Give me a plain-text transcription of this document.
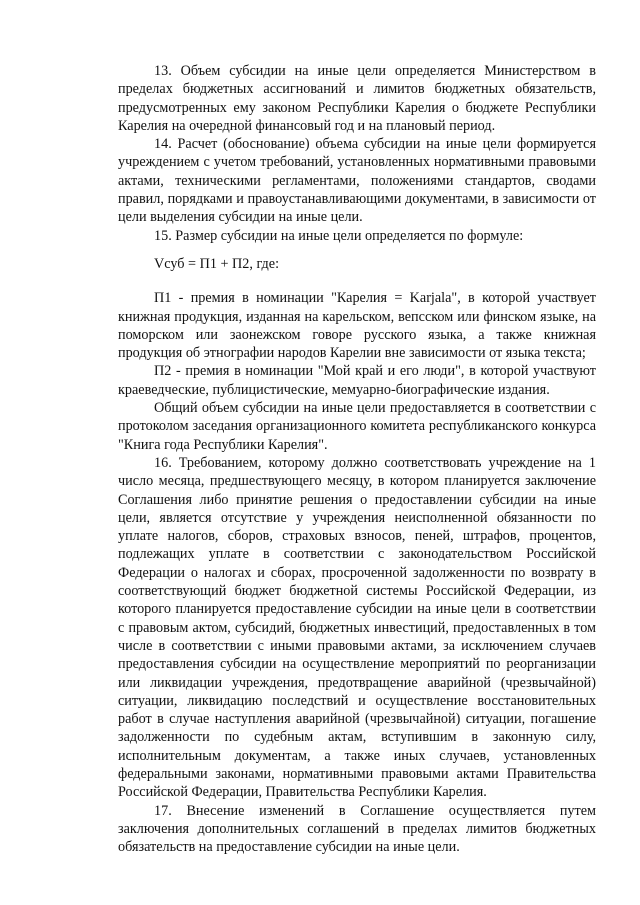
13. Объем субсидии на иные цели определяется Министерством в пределах бюджетных ассигнований и лимитов бюджетных обязательств, предусмотренных ему законом Республики Карелия о бюджете Республики Карелия на очередной финансовый год и на плановый период.

14. Расчет (обоснование) объема субсидии на иные цели формируется учреждением с учетом требований, установленных нормативными правовыми актами, техническими регламентами, положениями стандартов, сводами правил, порядками и правоустанавливающими документами, в зависимости от цели выделения субсидии на иные цели.

15. Размер субсидии на иные цели определяется по формуле:

Vсуб = П1 + П2, где:

П1 - премия в номинации "Карелия = Karjala", в которой участвует книжная продукция, изданная на карельском, вепсском или финском языке, на поморском или заонежском говоре русского языка, а также книжная продукция об этнографии народов Карелии вне зависимости от языка текста;

П2 - премия в номинации "Мой край и его люди", в которой участвуют краеведческие, публицистические, мемуарно-биографические издания.

Общий объем субсидии на иные цели предоставляется в соответствии с протоколом заседания организационного комитета республиканского конкурса "Книга года Республики Карелия".

16. Требованием, которому должно соответствовать учреждение на 1 число месяца, предшествующего месяцу, в котором планируется заключение Соглашения либо принятие решения о предоставлении субсидии на иные цели, является отсутствие у учреждения неисполненной обязанности по уплате налогов, сборов, страховых взносов, пеней, штрафов, процентов, подлежащих уплате в соответствии с законодательством Российской Федерации о налогах и сборах, просроченной задолженности по возврату в соответствующий бюджет бюджетной системы Российской Федерации, из которого планируется предоставление субсидии на иные цели в соответствии с правовым актом, субсидий, бюджетных инвестиций, предоставленных в том числе в соответствии с иными правовыми актами, за исключением случаев предоставления субсидии на осуществление мероприятий по реорганизации или ликвидации учреждения, предотвращение аварийной (чрезвычайной) ситуации, ликвидацию последствий и осуществление восстановительных работ в случае наступления аварийной (чрезвычайной) ситуации, погашение задолженности по судебным актам, вступившим в законную силу, исполнительным документам, а также иных случаев, установленных федеральными законами, нормативными правовыми актами Правительства Российской Федерации, Правительства Республики Карелия.

17. Внесение изменений в Соглашение осуществляется путем заключения дополнительных соглашений в пределах лимитов бюджетных обязательств на предоставление субсидии на иные цели.
